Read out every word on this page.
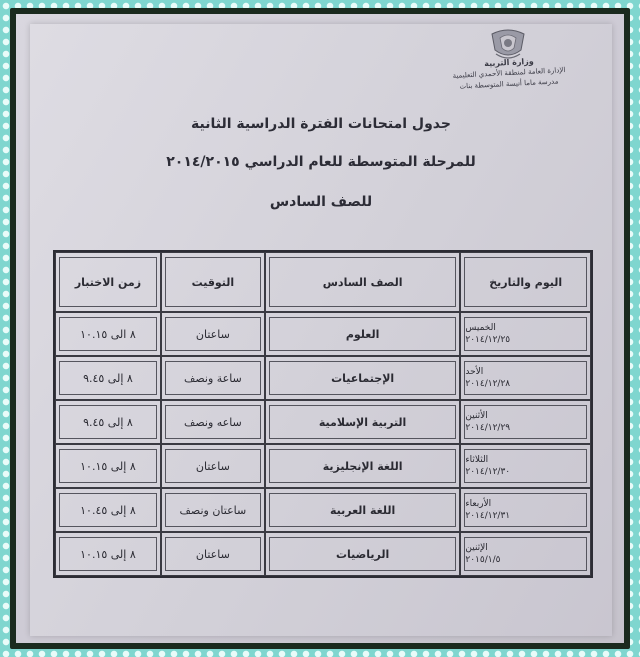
وزارة التربية
الإدارة العامة لمنطقة الأحمدي التعليمية
مدرسة ماما أنيسة المتوسطة بنات
جدول امتحانات الفترة الدراسية الثانية
للمرحلة المتوسطة للعام الدراسي ٢٠١٤/٢٠١٥
للصف السادس
اليوم والتاريخ	الصف السادس	التوقيت	زمن الاختبار

الخميس
٢٠١٤/١٢/٢٥	العلوم	ساعتان	٨ الى ١٠.١٥

الأحد
٢٠١٤/١٢/٢٨	الإجتماعيات	ساعة ونصف	٨ إلى ٩.٤٥

الأثنين
٢٠١٤/١٢/٢٩	التربية الإسلامية	ساعه ونصف	٨ إلى ٩.٤٥

الثلاثاء
٢٠١٤/١٢/٣٠	اللغة الإنجليزية	ساعتان	٨ إلى ١٠.١٥

الأربعاء
٢٠١٤/١٢/٣١	اللغة العربية	ساعتان ونصف	٨ إلى ١٠.٤٥

الإثنين
٢٠١٥/١/٥	الرياضيات	ساعتان	٨ إلى ١٠.١٥
